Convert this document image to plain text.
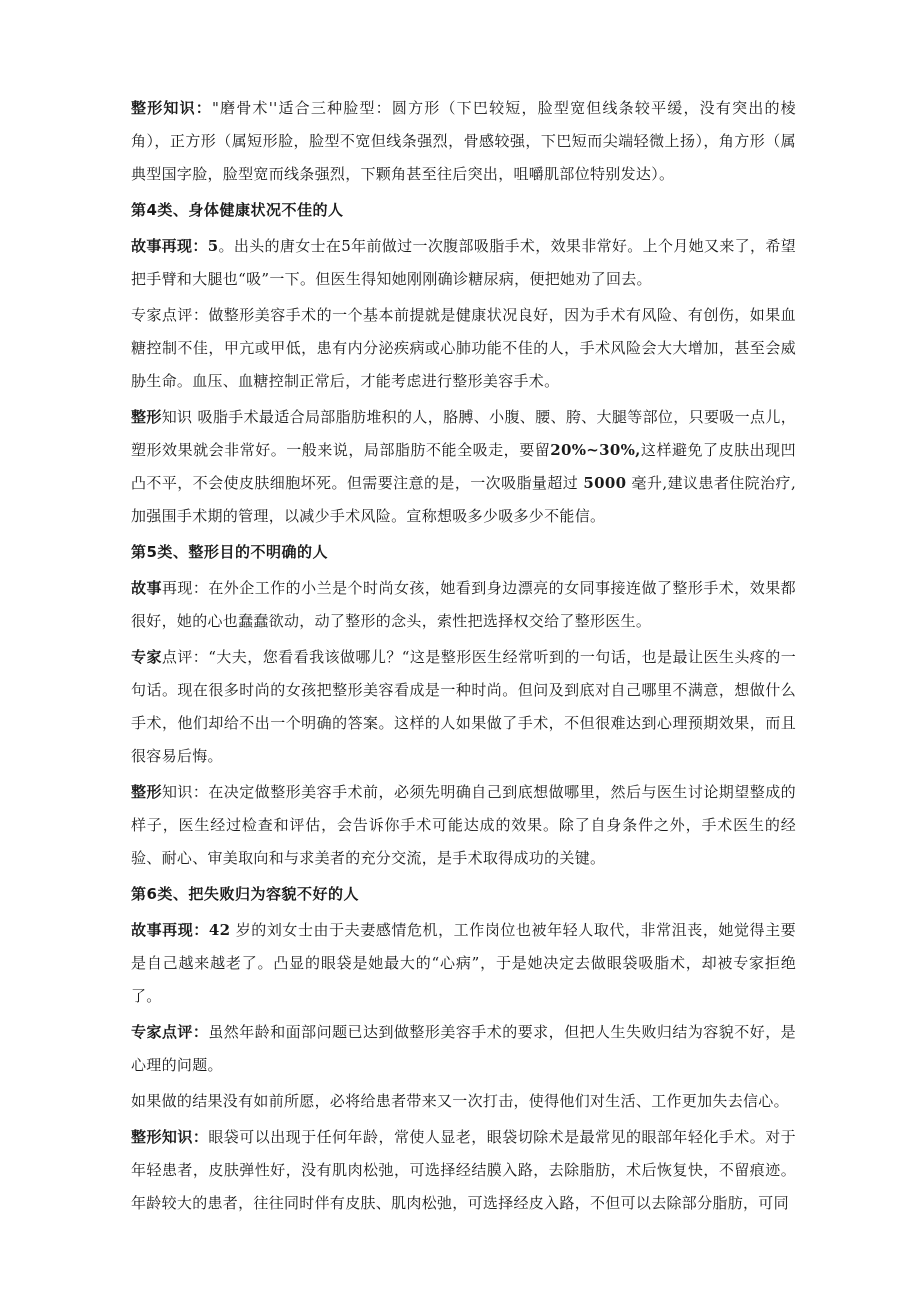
整形知识："磨骨术''适合三种脸型：圆方形（下巴较短，脸型宽但线条较平缓，没有突出的棱角），正方形（属短形脸，脸型不宽但线条强烈，骨感较强，下巴短而尖端轻微上扬），角方形（属典型国字脸，脸型宽而线条强烈，下颗角甚至往后突出，咀嚼肌部位特别发达）。

第4类、身体健康状况不佳的人

故事再现：5。出头的唐女士在5年前做过一次腹部吸脂手术，效果非常好。上个月她又来了，希望把手臂和大腿也“吸”一下。但医生得知她刚刚确诊糖尿病，便把她劝了回去。

专家点评：做整形美容手术的一个基本前提就是健康状况良好，因为手术有风险、有创伤，如果血糖控制不佳，甲亢或甲低，患有内分泌疾病或心肺功能不佳的人，手术风险会大大增加，甚至会威胁生命。血压、血糖控制正常后，才能考虑进行整形美容手术。

整形知识 吸脂手术最适合局部脂肪堆积的人，胳膊、小腹、腰、胯、大腿等部位，只要吸一点儿，塑形效果就会非常好。一般来说，局部脂肪不能全吸走，要留20%~30%,这样避免了皮肤出现凹凸不平，不会使皮肤细胞坏死。但需要注意的是，一次吸脂量超过 5000 毫升,建议患者住院治疗,加强围手术期的管理，以减少手术风险。宣称想吸多少吸多少不能信。

第5类、整形目的不明确的人

故事再现：在外企工作的小兰是个时尚女孩，她看到身边漂亮的女同事接连做了整形手术，效果都很好，她的心也蠢蠢欲动，动了整形的念头，索性把选择权交给了整形医生。

专家点评：“大夫，您看看我该做哪儿？“这是整形医生经常听到的一句话，也是最让医生头疼的一句话。现在很多时尚的女孩把整形美容看成是一种时尚。但问及到底对自己哪里不满意，想做什么手术，他们却给不出一个明确的答案。这样的人如果做了手术，不但很难达到心理预期效果，而且很容易后悔。

整形知识：在决定做整形美容手术前，必须先明确自己到底想做哪里，然后与医生讨论期望整成的样子，医生经过检查和评估，会告诉你手术可能达成的效果。除了自身条件之外，手术医生的经验、耐心、审美取向和与求美者的充分交流，是手术取得成功的关键。

第6类、把失败归为容貌不好的人

故事再现：42 岁的刘女士由于夫妻感情危机，工作岗位也被年轻人取代，非常沮丧，她觉得主要是自己越来越老了。凸显的眼袋是她最大的“心病”，于是她决定去做眼袋吸脂术，却被专家拒绝了。

专家点评：虽然年龄和面部问题已达到做整形美容手术的要求，但把人生失败归结为容貌不好，是心理的问题。

如果做的结果没有如前所愿，必将给患者带来又一次打击，使得他们对生活、工作更加失去信心。

整形知识：眼袋可以出现于任何年龄，常使人显老，眼袋切除术是最常见的眼部年轻化手术。对于年轻患者，皮肤弹性好，没有肌肉松弛，可选择经结膜入路，去除脂肪，术后恢复快，不留痕迹。年龄较大的患者，往往同时伴有皮肤、肌肉松弛，可选择经皮入路，不但可以去除部分脂肪，可同
